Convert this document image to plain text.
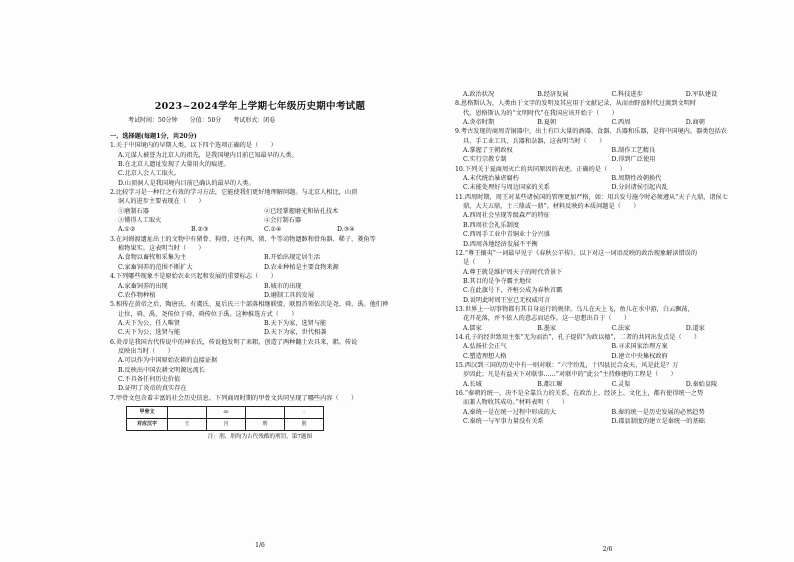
2023~2024学年上学期七年级历史期中考试题
考试时间：50分钟　　分值：50分　　考试形式：闭卷
一、选择题(每题1分，共20分)
1.关于中国境内的早期人类，以下四个选项正确的是（　　）
A.元谋人被誉为北京人的祖先，是我国境内目前已知最早的人类。
B.在北京人遗址发现了大量用火的痕迹。
C.北京人会人工取火。
D.山顶洞人是我国境内目前已确认的最早的人类。
2.比较学习是一种行之有效的学习方法，它能使我们更好地理解问题。与北京人相比，山顶
洞人的进步主要表现在（　　）
①磨制石器	②已经掌握磨光和钻孔技术
③懂得人工取火	④会打制石器
A.①②	B.②③	C.①④	D.③④
3.在河姆渡遗址出土的文物中有猪骨、狗骨，还有两、猪、牛等动物遗骸和骨角器、稀子、菱角等
植物果实。这表明当时（　　）
A.食物以畜牧和采集为主	B.开始出现定居生活
C.家畜饲养的范围不断扩大	D.农业种植是主要食物来源
4.下列哪些现象不是原始农业兴起和发展的重要标志（　　）
A.家畜饲养的出现	B.城市的出现
C.农作物种植	D.磨制工具的发展
5.相传在黄帝之后，陶唐氏、有虞氏、夏后氏三个部落相继联盟，联盟首领依次是尧、舜、禹。他们禅
让位，舜、禹，尧传位于舜，舜传位于禹。这种推选方式（　　）
A.天下为公，任人唯贤	B.天下为家，选贤与能
C.天下为公，选贤与能	D.天下为家，世代相袭
6.炎帝是我国古代传说中的神农氏，传说他发明了耒耜，创造了两种翻土农具来，耜。传说
反映出当时（　　）
A.可以作为中国原始农耕的直接证据
B.反映出中国农耕文明源远流长
C.不具备任何历史价值
D.证明了炎帝的真实存在
7.甲骨文包含着丰富的社会历史信息。下列商周时期的甲骨文共同呈现了哪些内容（　　）
甲骨文		ꝏ		∴
对应汉字	王	宫	刑	刖
注：刖、刖均为古代残酷的刑罚，第7题图
1/6
A.政治状况	B.经济发展	C.科技进步	D.军队建设
8.恩格斯认为，人类由于文字的发明及其应用于文献记录，从而由野蛮时代过渡到文明时
代。恩格斯认为的“文明时代”在我国应该开始于（　　）
A.炎帝时期	B.夏朝	C.西周	D.商朝
9.考古发现的商周青铜器中，出土有巨大量的酒器、食器、兵器和乐器，是将中国境内。器类包括农
具、手工业工具、兵器和杂器，这表明当时（　　）
A.掌握了王朝政权	B.制作工艺精良
C.实行宗教专制	D.得到广泛使用
10.下列关于夏商周灭亡的共同原因的表述，正确的是（　　）
A.末代统治暴虐腐朽	B.周期性改朝换代
C.未能处理好与周边国家的关系	D.分封诸侯引起内乱
11.西周时期，周王对某些诸侯国的管理更加严格，如：用兵发号施令时必须遵从“天子九鼎，诸侯七
鼎，大夫五鼎，士三鼎或一鼎”。材料反映的本质问题是（　　）
A.西周社会呈现等级森严的特征
B.西周社会礼乐制度
C.西周手工业中青铜业十分兴盛
D.西周各地经济发展不平衡
12.“尊王攘夷”一词最早见于《春秋公羊传》。以下对这一词语反映的政治现象解读错误的
是（　　）
A.尊王就是维护周天子的时代背景下
B.其目的是争夺霸主地位
C.在此旗号下，齐桓公成为春秋首霸
D.说明此时周王室已无权威可言
13.世界上一切事物都有其自身运行的规律。乌儿在天上飞，鱼儿在水中游，白云飘荡，
花开花落，并不依人的意志而运作。这一思想出自于（　　）
A.儒家	B.墨家	C.法家	D.道家
14.孔子的经世致用主张“无为而治”，孔子提倡“为政以德”，二者的共同出发点是（　　）
A.弘扬社会正气	B.寻求国家治理方案
C.塑造理想人格	D.建立中央集权政府
15.西汉到三国的历史中有一则对联：“六宇纷乱，十四县民合众天，风是此是？万
岁因此；凡是有益天下对联事……”对联中的“此公”主持修建的工程是（　　）
A.长城	B.都江堰	C.灵渠	D.秦始皇陵
16.“秦朝的统一，决不是全靠兵力的关系，在政治上、经济上、文化上，都有使得统一之势
而兼人物收其成功。”材料表明（　　）
A.秦统一是在统一过程中形成的大	B.秦的统一是历史发展的必然趋势
C.秦统一与军事力量没有关系	D.郡县制度的建立是秦统一的基础
2/6
